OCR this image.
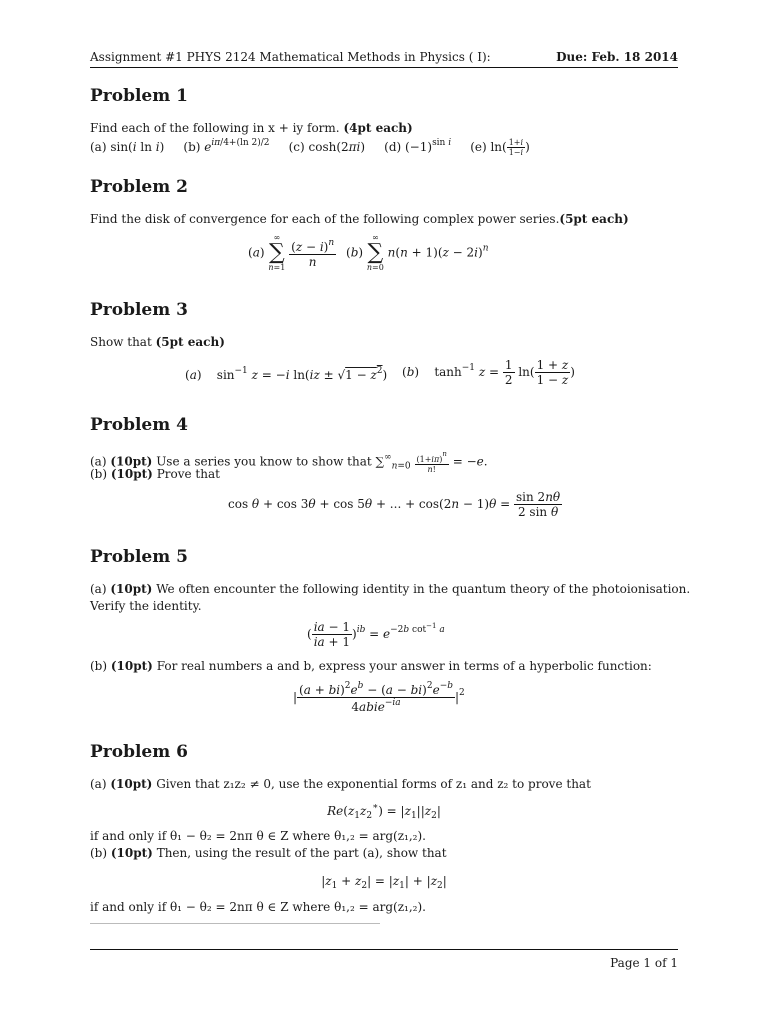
Assignment #1 PHYS 2124 Mathematical Methods in Physics ( I):	Due: Feb. 18 2014
Problem 1
Find each of the following in x + iy form. (4pt each)
(a) sin(i ln i) (b) $e^{i\pi/4+(ln 2)/2}$ (c) cosh(2πi) (d) $(-1)^{sin i}$ (e) $\ln( \frac{1+i}{1-i}$ )
Problem 2
Find the disk of convergence for each of the following complex power series.(5pt each)
(a)
∞
∑
n=1
$\frac{(z - i)^n}{n} (b)$
∞
∑
n=0
$n(n + 1)(z - 2i)^n$
Problem 3
Show that (5pt each)
(a)    $\sin^{-1} z = -i$ $\ln(iz \pm √1 - z^2)$ (b)    $\tanh^{-1} z = \frac{1}{2} \ln( \frac{1 + z}{1 - z}$ )
Problem 4
(a) (10pt) Use a series you know to show that $\sum^\infty_{n=0} \frac{(1+i\pi)n}{n!} = -e$.
(b) (10pt) Prove that
cos θ + cos 3θ + cos 5θ + ... + $\cos(2n - 1)\theta = \frac{\sin 2n\theta}{\text{2 sin θ}}$
Problem 5
(a) (10pt) We often encounter the following identity in the quantum theory of the photoionisation.
Verify the identity.
( $\frac{ia - 1}{ia + 1} )^{ib} = e^{-2b cot^{-1} a}$
(b) (10pt) For real numbers a and b, express your answer in terms of a hyperbolic function:
| $\frac{(a + bi)^2e^b - (a - bi)^2e^{-b}}{4abie^{-ia}} |^2$
Problem 6
(a) (10pt) Given that z₁z₂ ≠ 0, use the exponential forms of z₁ and z₂ to prove that
$Re(z_1z_2^∗) = |z_1||z_2|$
if and only if θ₁ − θ₂ = 2nπ θ ∈ Z where θ₁,₂ = arg(z₁,₂).
(b) (10pt) Then, using the result of the part (a), show that
$|z_1 + z_2| = |z_1| + |z_2|$
if and only if θ₁ − θ₂ = 2nπ θ ∈ Z where θ₁,₂ = arg(z₁,₂).
Page 1 of 1
